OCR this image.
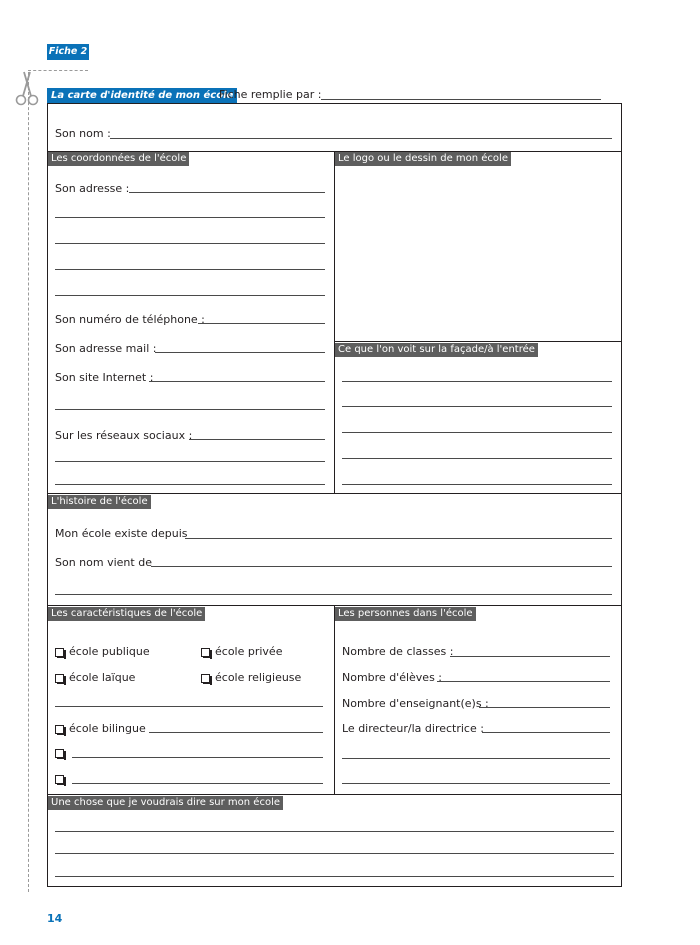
Fiche 2
La carte d'identité de mon école
Fiche remplie par :
Son nom :
Les coordonnées de l'école
Son adresse :
Son numéro de téléphone :
Son adresse mail :
Son site Internet :
Sur les réseaux sociaux :
Le logo ou le dessin de mon école
Ce que l'on voit sur la façade/à l'entrée
L'histoire de l'école
Mon école existe depuis
Son nom vient de
Les caractéristiques de l'école
école publique	école privée
école laïque	école religieuse
école bilingue
Les personnes dans l'école
Nombre de classes :
Nombre d'élèves :
Nombre d'enseignant(e)s :
Le directeur/la directrice :
Une chose que je voudrais dire sur mon école
14
